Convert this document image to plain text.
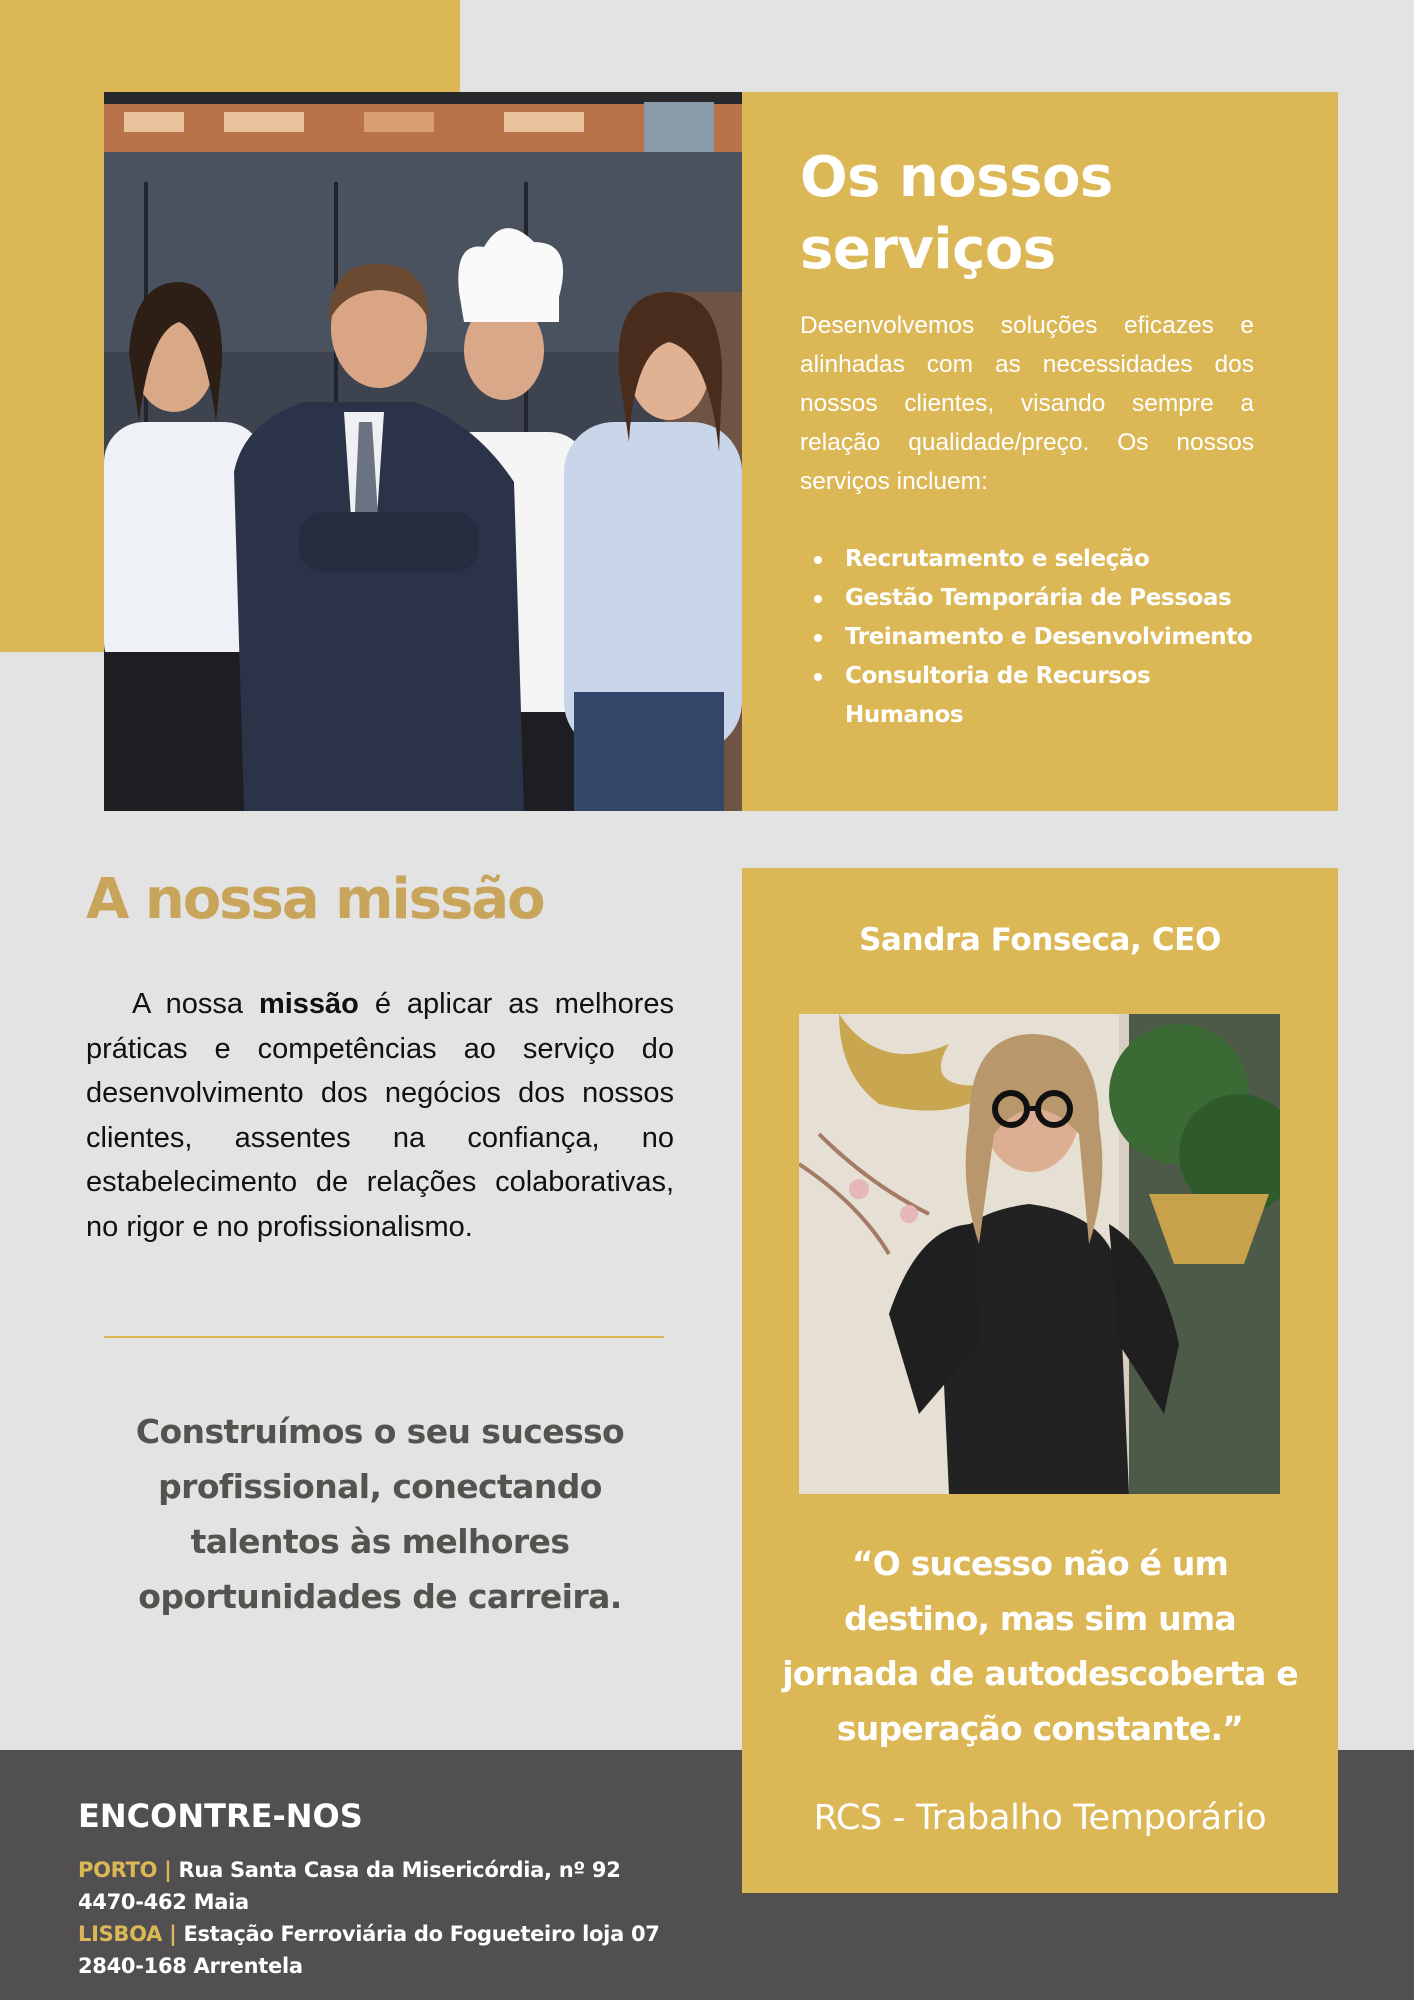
Os nossos
serviços

Desenvolvemos soluções eficazes e alinhadas com as necessidades dos nossos clientes, visando sempre a relação qualidade/preço. Os nossos serviços incluem:

Recrutamento e seleção
Gestão Temporária de Pessoas
Treinamento e Desenvolvimento
Consultoria de Recursos Humanos
A nossa missão
A nossa missão é aplicar as melhores práticas e competências ao serviço do desenvolvimento dos negócios dos nossos clientes, assentes na confiança, no estabelecimento de relações colaborativas, no rigor e no profissionalismo.
Construímos o seu sucesso profissional, conectando talentos às melhores oportunidades de carreira.
ENCONTRE-NOS
PORTO | Rua Santa Casa da Misericórdia, nº 92
4470-462 Maia
LISBOA | Estação Ferroviária do Fogueteiro loja 07
2840-168 Arrentela
Sandra Fonseca, CEO
“O sucesso não é um destino, mas sim uma jornada de autodescoberta e superação constante.”
RCS - Trabalho Temporário
